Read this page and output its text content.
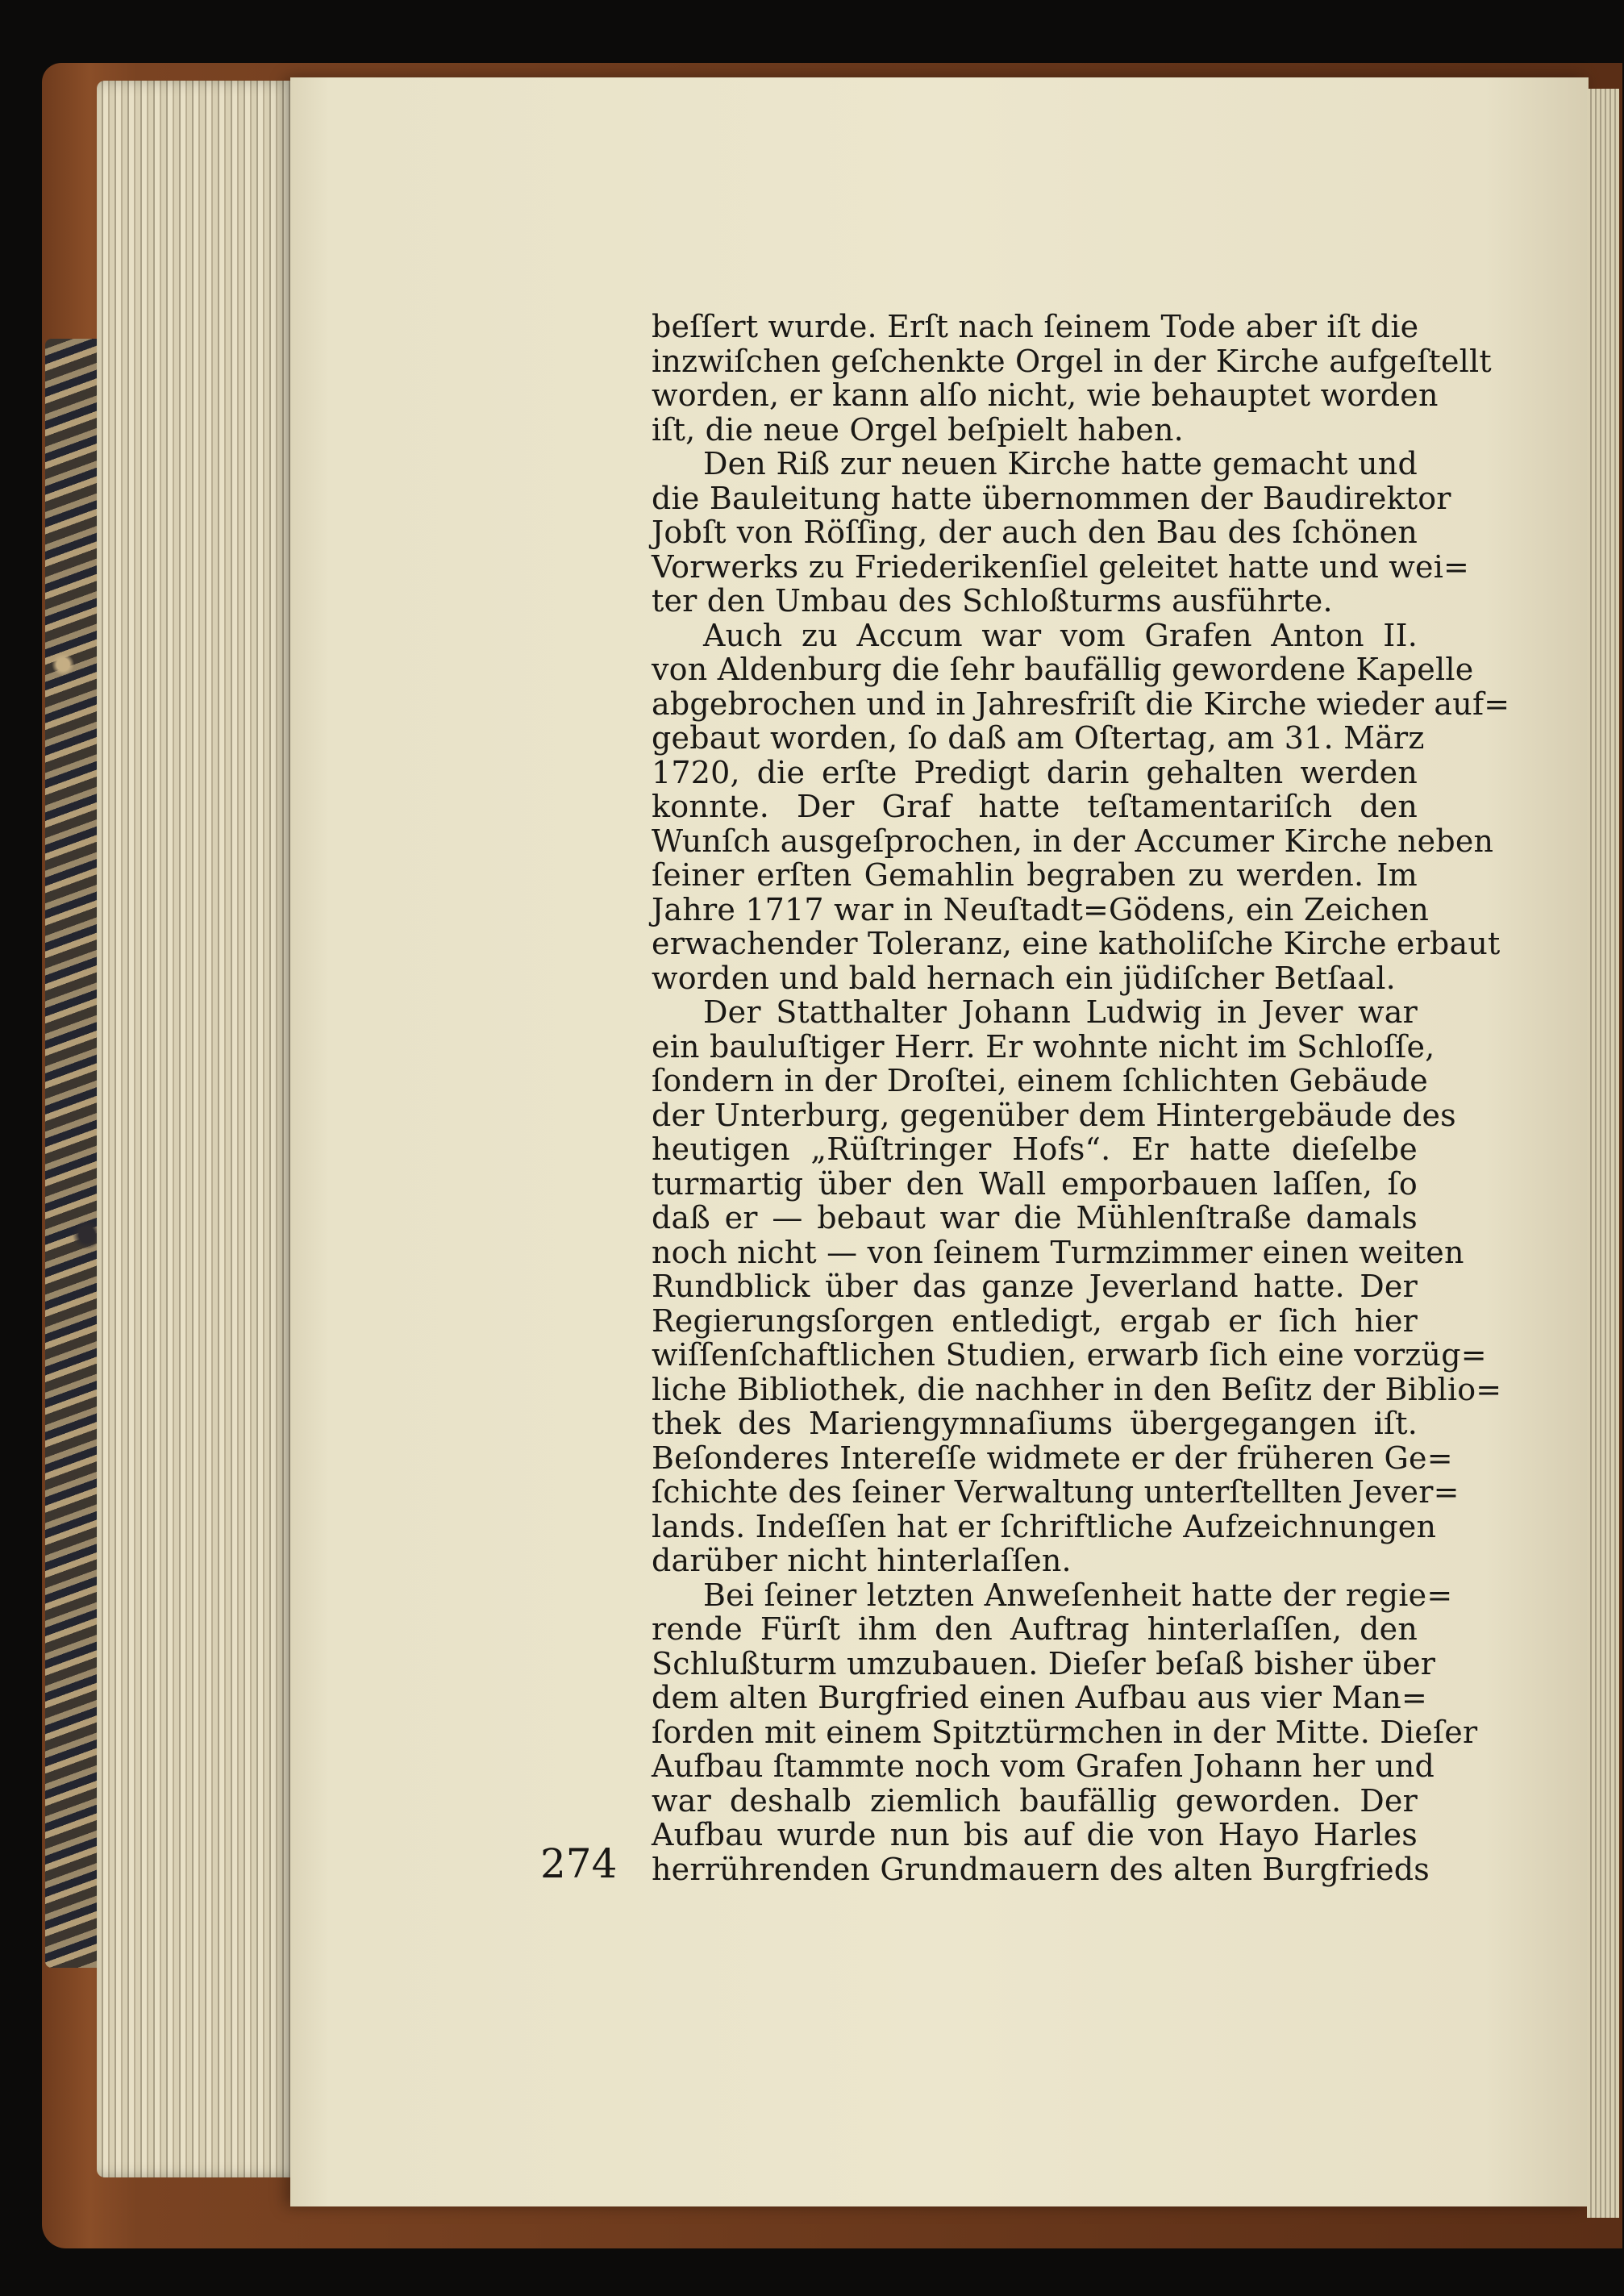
beſſert wurde. Erſt nach ſeinem Tode aber iſt die

inzwiſchen geſchenkte Orgel in der Kirche aufgeſtellt

worden, er kann alſo nicht, wie behauptet worden

iſt, die neue Orgel beſpielt haben.

Den Riß zur neuen Kirche hatte gemacht und

die Bauleitung hatte übernommen der Baudirektor

Jobſt von Röſſing, der auch den Bau des ſchönen

Vorwerks zu Friederikenſiel geleitet hatte und wei=

ter den Umbau des Schloßturms ausführte.

Auch zu Accum war vom Grafen Anton II.

von Aldenburg die ſehr baufällig gewordene Kapelle

abgebrochen und in Jahresfriſt die Kirche wieder auf=

gebaut worden, ſo daß am Oſtertag, am 31. März

1720, die erſte Predigt darin gehalten werden

konnte. Der Graf hatte teſtamentariſch den

Wunſch ausgeſprochen, in der Accumer Kirche neben

ſeiner erſten Gemahlin begraben zu werden. Im

Jahre 1717 war in Neuſtadt=Gödens, ein Zeichen

erwachender Toleranz, eine katholiſche Kirche erbaut

worden und bald hernach ein jüdiſcher Betſaal.

Der Statthalter Johann Ludwig in Jever war

ein bauluſtiger Herr. Er wohnte nicht im Schloſſe,

ſondern in der Droſtei, einem ſchlichten Gebäude

der Unterburg, gegenüber dem Hintergebäude des

heutigen „Rüſtringer Hofs“. Er hatte dieſelbe

turmartig über den Wall emporbauen laſſen, ſo

daß er — bebaut war die Mühlenſtraße damals

noch nicht — von ſeinem Turmzimmer einen weiten

Rundblick über das ganze Jeverland hatte. Der

Regierungsſorgen entledigt, ergab er ſich hier

wiſſenſchaftlichen Studien, erwarb ſich eine vorzüg=

liche Bibliothek, die nachher in den Beſitz der Biblio=

thek des Mariengymnaſiums übergegangen iſt.

Beſonderes Intereſſe widmete er der früheren Ge=

ſchichte des ſeiner Verwaltung unterſtellten Jever=

lands. Indeſſen hat er ſchriftliche Aufzeichnungen

darüber nicht hinterlaſſen.

Bei ſeiner letzten Anweſenheit hatte der regie=

rende Fürſt ihm den Auftrag hinterlaſſen, den

Schlußturm umzubauen. Dieſer beſaß bisher über

dem alten Burgfried einen Aufbau aus vier Man=

ſorden mit einem Spitztürmchen in der Mitte. Dieſer

Aufbau ſtammte noch vom Grafen Johann her und

war deshalb ziemlich baufällig geworden. Der

Aufbau wurde nun bis auf die von Hayo Harles

herrührenden Grundmauern des alten Burgfrieds

274
